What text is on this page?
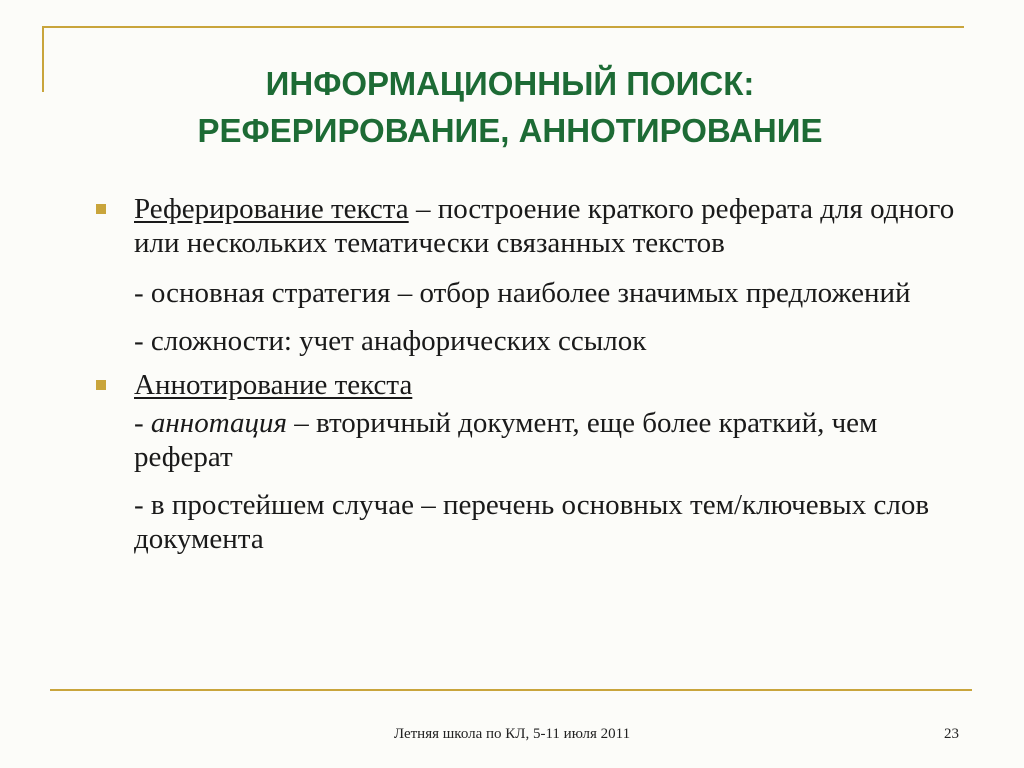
ИНФОРМАЦИОННЫЙ ПОИСК:
РЕФЕРИРОВАНИЕ, АННОТИРОВАНИЕ

Реферирование текста – построение краткого реферата для одного или нескольких тематически связанных текстов

- основная стратегия – отбор наиболее значимых предложений

- сложности: учет анафорических ссылок

Аннотирование текста

- аннотация – вторичный документ, еще более краткий, чем реферат

- в простейшем случае – перечень основных тем/ключевых слов документа

Летняя школа по КЛ, 5-11 июля 2011	23
